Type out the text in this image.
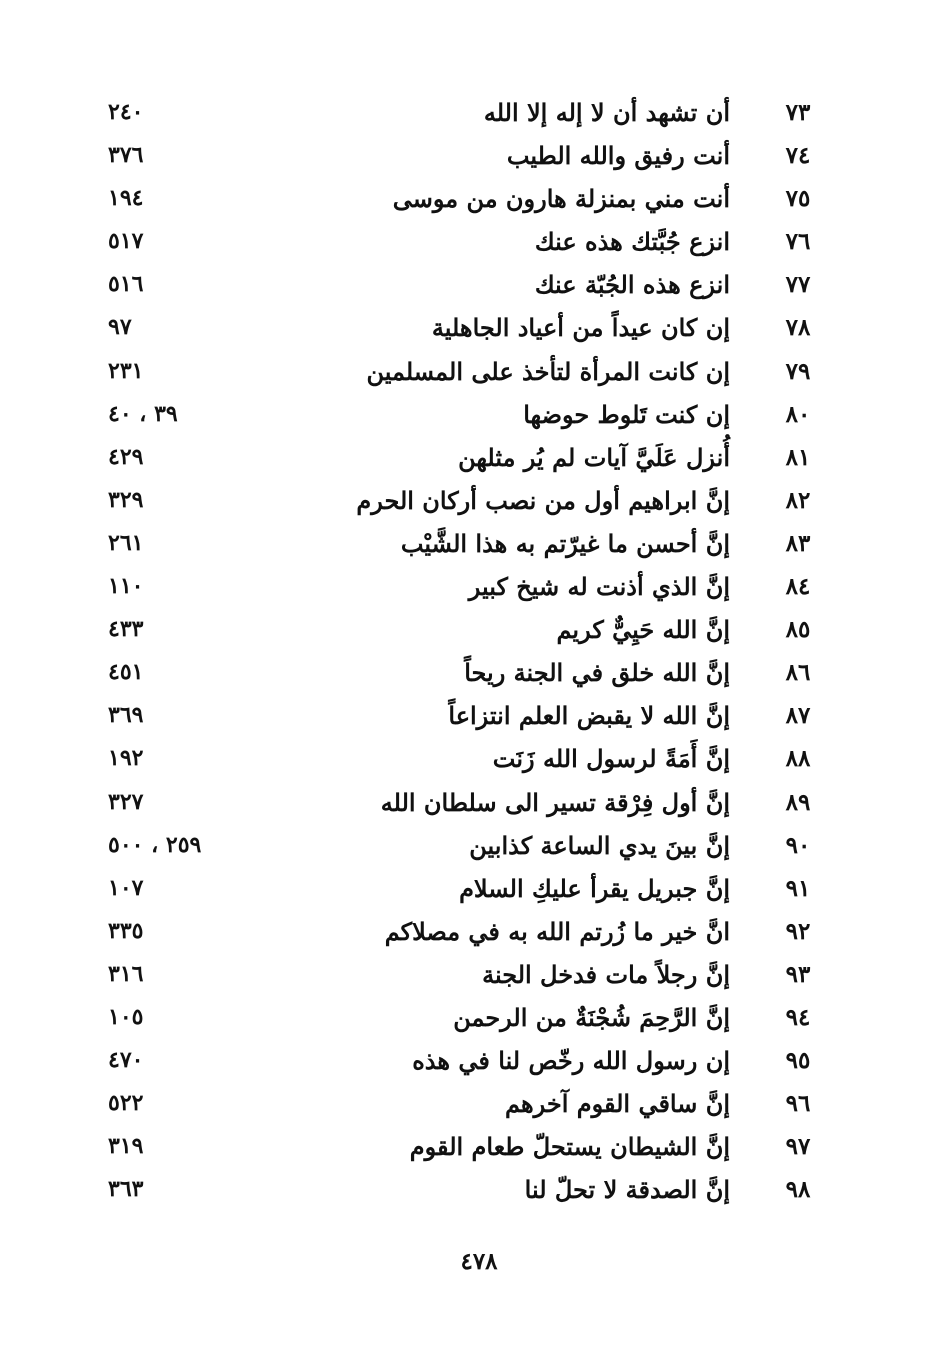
٧٣
أن تشهد أن لا إله إلا الله
٢٤٠
٧٤
أنت رفيق والله الطيب
٣٧٦
٧٥
أنت مني بمنزلة هارون من موسى
١٩٤
٧٦
انزع جُبَّتك هذه عنك
٥١٧
٧٧
انزع هذه الجُبّة عنك
٥١٦
٧٨
إن كان عيداً من أعياد الجاهلية
٩٧
٧٩
إن كانت المرأة لتأخذ على المسلمين
٢٣١
٨٠
إن كنت تَلوط حوضها
٣٩ ، ٤٠
٨١
أُنزل عَلَيَّ آيات لم يُر مثلهن
٤٢٩
٨٢
إنَّ ابراهيم أول من نصب أركان الحرم
٣٢٩
٨٣
إنَّ أحسن ما غيرّتم به هذا الشَّيْب
٢٦١
٨٤
إنَّ الذي أذنت له شيخ كبير
١١٠
٨٥
إنَّ الله حَيِيٌّ كريم
٤٣٣
٨٦
إنَّ الله خلق في الجنة ريحاً
٤٥١
٨٧
إنَّ الله لا يقبض العلم انتزاعاً
٣٦٩
٨٨
إنَّ أَمَةً لرسول الله زَنَت
١٩٢
٨٩
إنَّ أول فِرْقة تسير الى سلطان الله
٣٢٧
٩٠
إنَّ بينَ يدي الساعة كذابين
٢٥٩ ، ٥٠٠
٩١
إنَّ جبريل يقرأ عليكِ السلام
١٠٧
٩٢
انَّ خير ما زُرتم الله به في مصلاكم
٣٣٥
٩٣
إنَّ رجلاً مات فدخل الجنة
٣١٦
٩٤
إنَّ الرَّحِمَ شُجْنَةٌ من الرحمن
١٠٥
٩٥
إن رسول الله رخّص لنا في هذه
٤٧٠
٩٦
إنَّ ساقي القوم آخرهم
٥٢٢
٩٧
إنَّ الشيطان يستحلّ طعام القوم
٣١٩
٩٨
إنَّ الصدقة لا تحلّ لنا
٣٦٣
٤٧٨
